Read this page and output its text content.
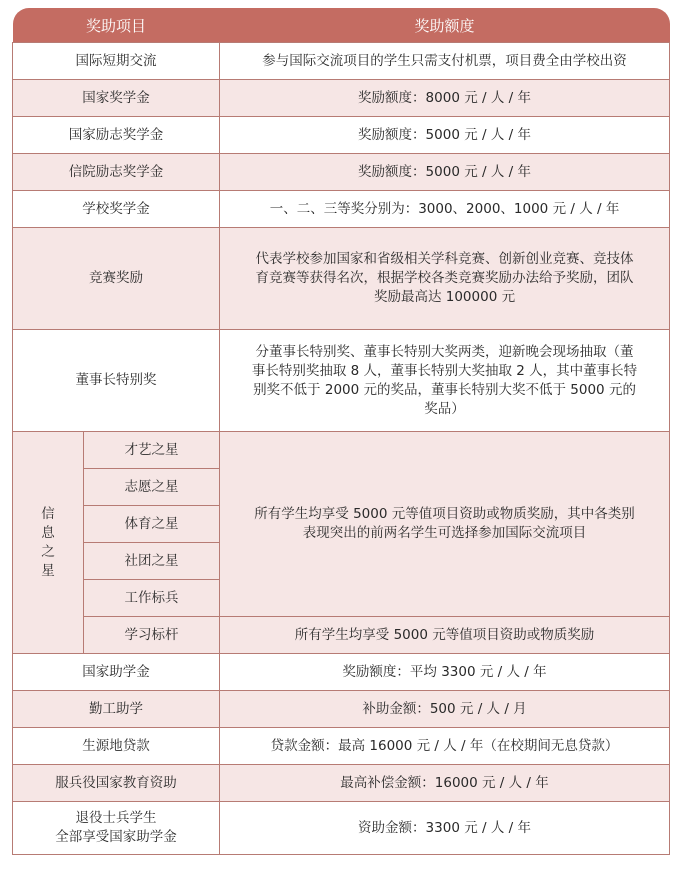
奖助项目		奖助额度
国际短期交流		参与国际交流项目的学生只需支付机票，项目费全由学校出资
国家奖学金		奖励额度：8000 元 / 人 / 年
国家励志奖学金		奖励额度：5000 元 / 人 / 年
信院励志奖学金		奖励额度：5000 元 / 人 / 年
学校奖学金		一、二、三等奖分别为：3000、2000、1000 元 / 人 / 年
竞赛奖励		代表学校参加国家和省级相关学科竞赛、创新创业竞赛、竞技体
育竞赛等获得名次，根据学校各类竞赛奖励办法给予奖励，团队
奖励最高达 100000 元
董事长特别奖		分董事长特别奖、董事长特别大奖两类，迎新晚会现场抽取（董
事长特别奖抽取 8 人，董事长特别大奖抽取 2 人，其中董事长特
别奖不低于 2000 元的奖品，董事长特别大奖不低于 5000 元的
奖品）

信
息
之
星	才艺之星	所有学生均享受 5000 元等值项目资助或物质奖励，其中各类别
表现突出的前两名学生可选择参加国际交流项目
	志愿之星	
	体育之星	
	社团之星	
	工作标兵	
	学习标杆	所有学生均享受 5000 元等值项目资助或物质奖励
国家助学金		奖励额度：平均 3300 元 / 人 / 年
勤工助学		补助金额：500 元 / 人 / 月
生源地贷款		贷款金额：最高 16000 元 / 人 / 年（在校期间无息贷款）
服兵役国家教育资助		最高补偿金额：16000 元 / 人 / 年
退役士兵学生
全部享受国家助学金		资助金额：3300 元 / 人 / 年
